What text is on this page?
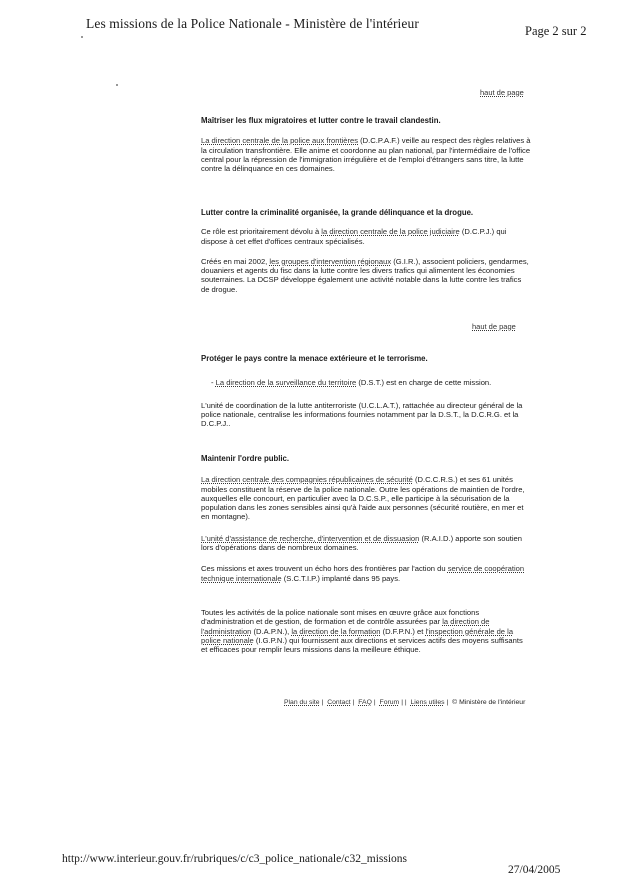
Les missions de la Police Nationale - Ministère de l'intérieur	Page 2 sur 2
haut de page
Maîtriser les flux migratoires et lutter contre le travail clandestin.

La direction centrale de la police aux frontières (D.C.P.A.F.) veille au respect des règles relatives à la circulation transfrontière. Elle anime et coordonne au plan national, par l'intermédiaire de l'office central pour la répression de l'immigration irrégulière et de l'emploi d'étrangers sans titre, la lutte contre la délinquance en ces domaines.

Lutter contre la criminalité organisée, la grande délinquance et la drogue.

Ce rôle est prioritairement dévolu à la direction centrale de la police judiciaire (D.C.P.J.) qui dispose à cet effet d'offices centraux spécialisés.

Créés en mai 2002, les groupes d'intervention régionaux (G.I.R.), associent policiers, gendarmes, douaniers et agents du fisc dans la lutte contre les divers trafics qui alimentent les économies souterraines. La DCSP développe également une activité notable dans la lutte contre les trafics de drogue.

haut de page
Protéger le pays contre la menace extérieure et le terrorisme.

- La direction de la surveillance du territoire (D.S.T.) est en charge de cette mission.

L'unité de coordination de la lutte antiterroriste (U.C.L.A.T.), rattachée au directeur général de la police nationale, centralise les informations fournies notamment par la D.S.T., la D.C.R.G. et la D.C.P.J..

Maintenir l'ordre public.

La direction centrale des compagnies républicaines de sécurité (D.C.C.R.S.) et ses 61 unités mobiles constituent la réserve de la police nationale. Outre les opérations de maintien de l'ordre, auxquelles elle concourt, en particulier avec la D.C.S.P., elle participe à la sécurisation de la population dans les zones sensibles ainsi qu'à l'aide aux personnes (sécurité routière, en mer et en montagne).

L'unité d'assistance de recherche, d'intervention et de dissuasion (R.A.I.D.) apporte son soutien lors d'opérations dans de nombreux domaines.

Ces missions et axes trouvent un écho hors des frontières par l'action du service de coopération technique internationale (S.C.T.I.P.) implanté dans 95 pays.

Toutes les activités de la police nationale sont mises en œuvre grâce aux fonctions d'administration et de gestion, de formation et de contrôle assurées par la direction de l'administration (D.A.P.N.), la direction de la formation (D.F.P.N.) et l'inspection générale de la police nationale (I.G.P.N.) qui fournissent aux directions et services actifs des moyens suffisants et efficaces pour remplir leurs missions dans la meilleure éthique.

Plan du site | Contact | FAQ | Forum | | Liens utiles | © Ministère de l'intérieur
http://www.interieur.gouv.fr/rubriques/c/c3_police_nationale/c32_missions
27/04/2005
